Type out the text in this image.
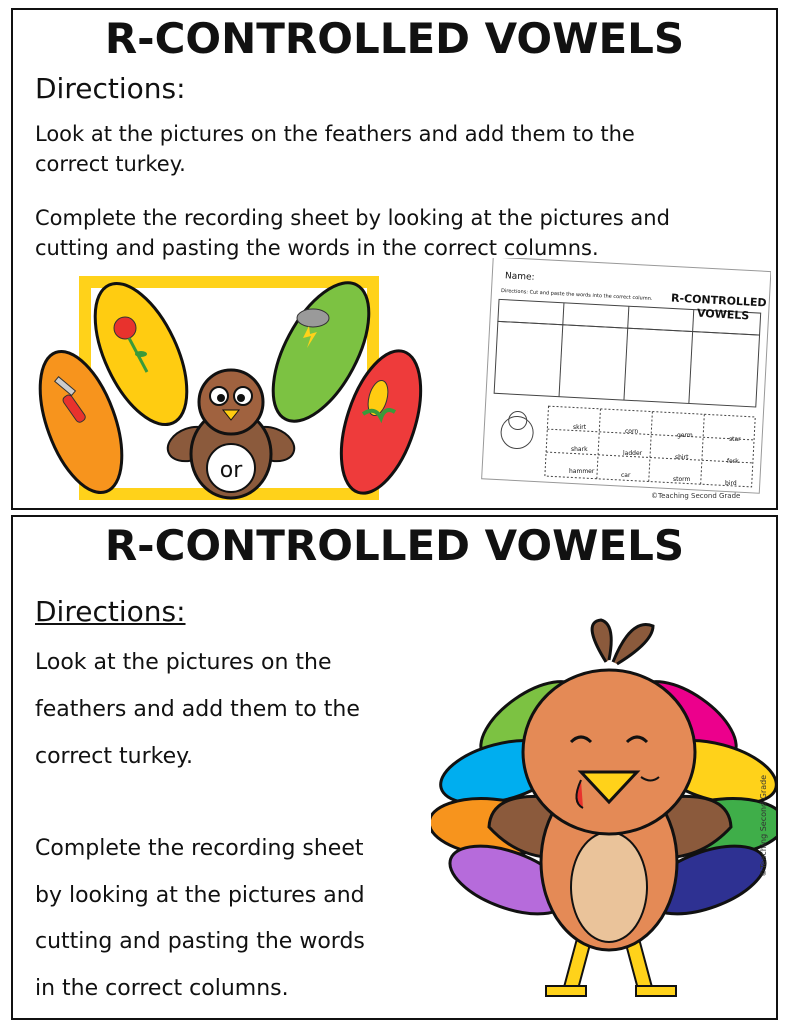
R-CONTROLLED VOWELS
Directions:
Look at the pictures on the feathers and add them to the
correct turkey.
Complete the recording sheet by looking at the pictures and
cutting and pasting the words in the correct columns.
or
Name:
R-CONTROLLED
VOWELS
Directions: Cut and paste the words into the correct column.
skirt
corn
germ
star
shark
ladder
shirt
fork
hammer
car
storm
bird
©Teaching Second Grade
R-CONTROLLED VOWELS
Directions:
Look at the pictures on the
feathers and add them to the
correct turkey.
Complete the recording sheet
by looking at the pictures and
cutting and pasting the words
in the correct columns.
©Teaching Second Grade
